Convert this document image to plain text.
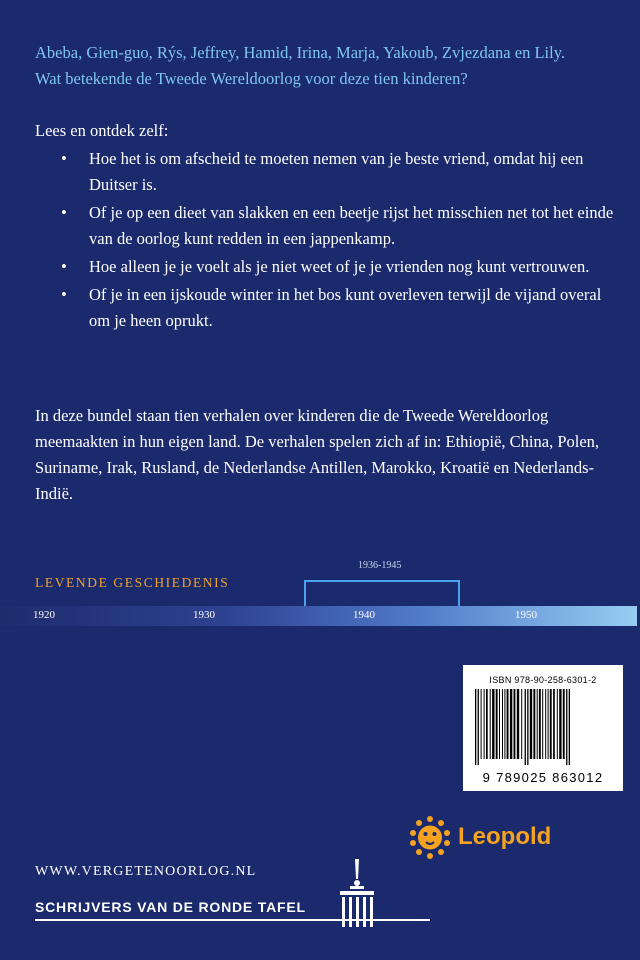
Abeba, Gien-guo, Rýs, Jeffrey, Hamid, Irina, Marja, Yakoub, Zvjezdana en Lily.

Wat betekende de Tweede Wereldoorlog voor deze tien kinderen?

Lees en ontdek zelf:

• Hoe het is om afscheid te moeten nemen van je beste vriend, omdat hij een Duitser is.
• Of je op een dieet van slakken en een beetje rijst het misschien net tot het einde van de oorlog kunt redden in een jappenkamp.
• Hoe alleen je je voelt als je niet weet of je je vrienden nog kunt vertrouwen.
• Of je in een ijskoude winter in het bos kunt overleven terwijl de vijand overal om je heen oprukt.

In deze bundel staan tien verhalen over kinderen die de Tweede Wereldoorlog meemaakten in hun eigen land. De verhalen spelen zich af in: Ethiopië, China, Polen, Suriname, Irak, Rusland, de Nederlandse Antillen, Marokko, Kroatië en Nederlands-Indië.

LEVENDE GESCHIEDENIS
1936-1945
1920	1930	1940	1950
ISBN 978-90-258-6301-2
9 789025 863012
Leopold
WWW.VERGETENOORLOG.NL
SCHRIJVERS VAN DE RONDE TAFEL
